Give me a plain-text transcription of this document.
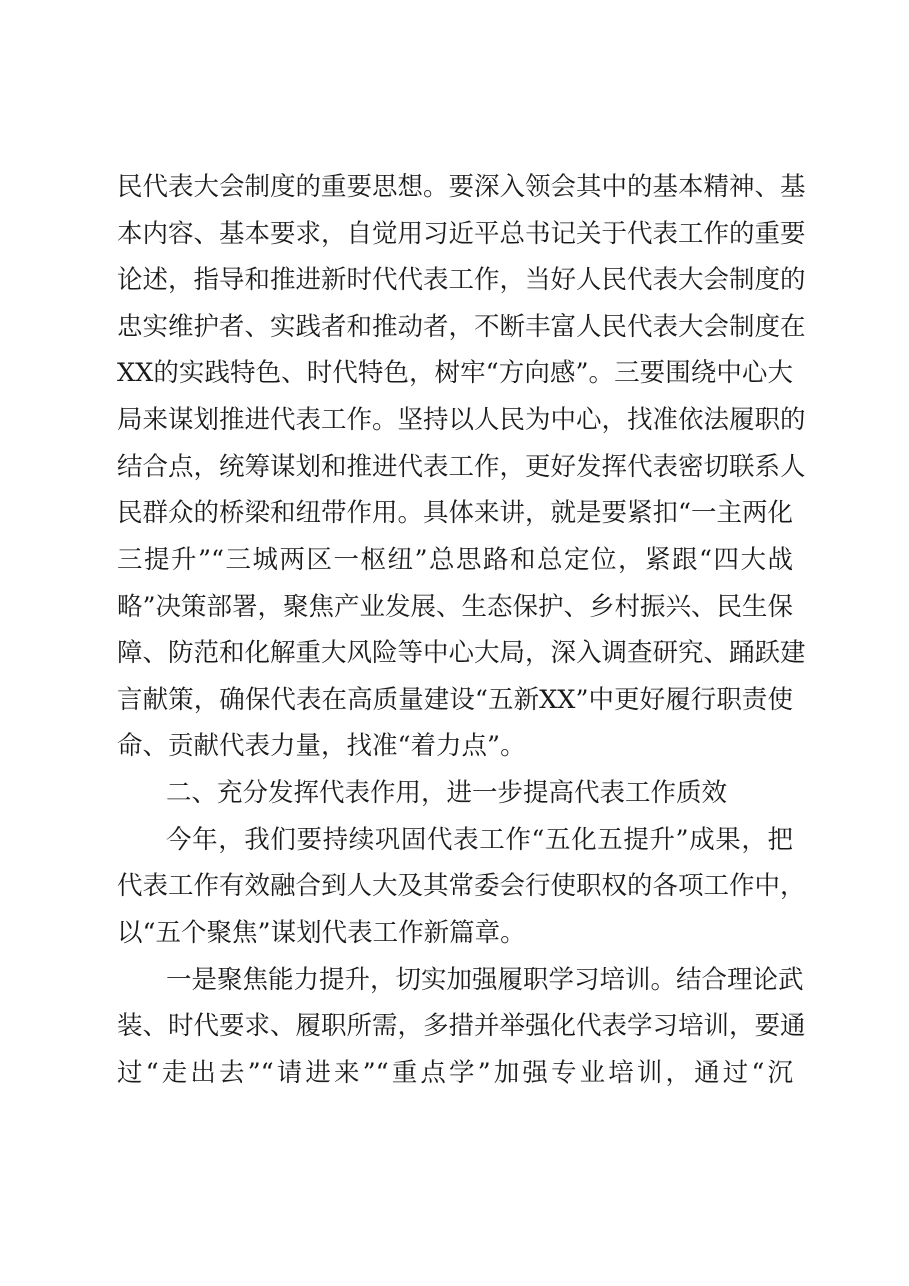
民代表大会制度的重要思想。要深入领会其中的基本精神、基
本内容、基本要求，自觉用习近平总书记关于代表工作的重要
论述，指导和推进新时代代表工作，当好人民代表大会制度的
忠实维护者、实践者和推动者，不断丰富人民代表大会制度在
XX的实践特色、时代特色，树牢“方向感”。三要围绕中心大
局来谋划推进代表工作。坚持以人民为中心，找准依法履职的
结合点，统筹谋划和推进代表工作，更好发挥代表密切联系人
民群众的桥梁和纽带作用。具体来讲，就是要紧扣“一主两化
三提升”“三城两区一枢纽”总思路和总定位，紧跟“四大战
略”决策部署，聚焦产业发展、生态保护、乡村振兴、民生保
障、防范和化解重大风险等中心大局，深入调查研究、踊跃建
言献策，确保代表在高质量建设“五新XX”中更好履行职责使
命、贡献代表力量，找准“着力点”。
二、充分发挥代表作用，进一步提高代表工作质效
今年，我们要持续巩固代表工作“五化五提升”成果，把
代表工作有效融合到人大及其常委会行使职权的各项工作中，
以“五个聚焦”谋划代表工作新篇章。
一是聚焦能力提升，切实加强履职学习培训。结合理论武
装、时代要求、履职所需，多措并举强化代表学习培训，要通
过“走出去”“请进来”“重点学”加强专业培训，通过“沉
